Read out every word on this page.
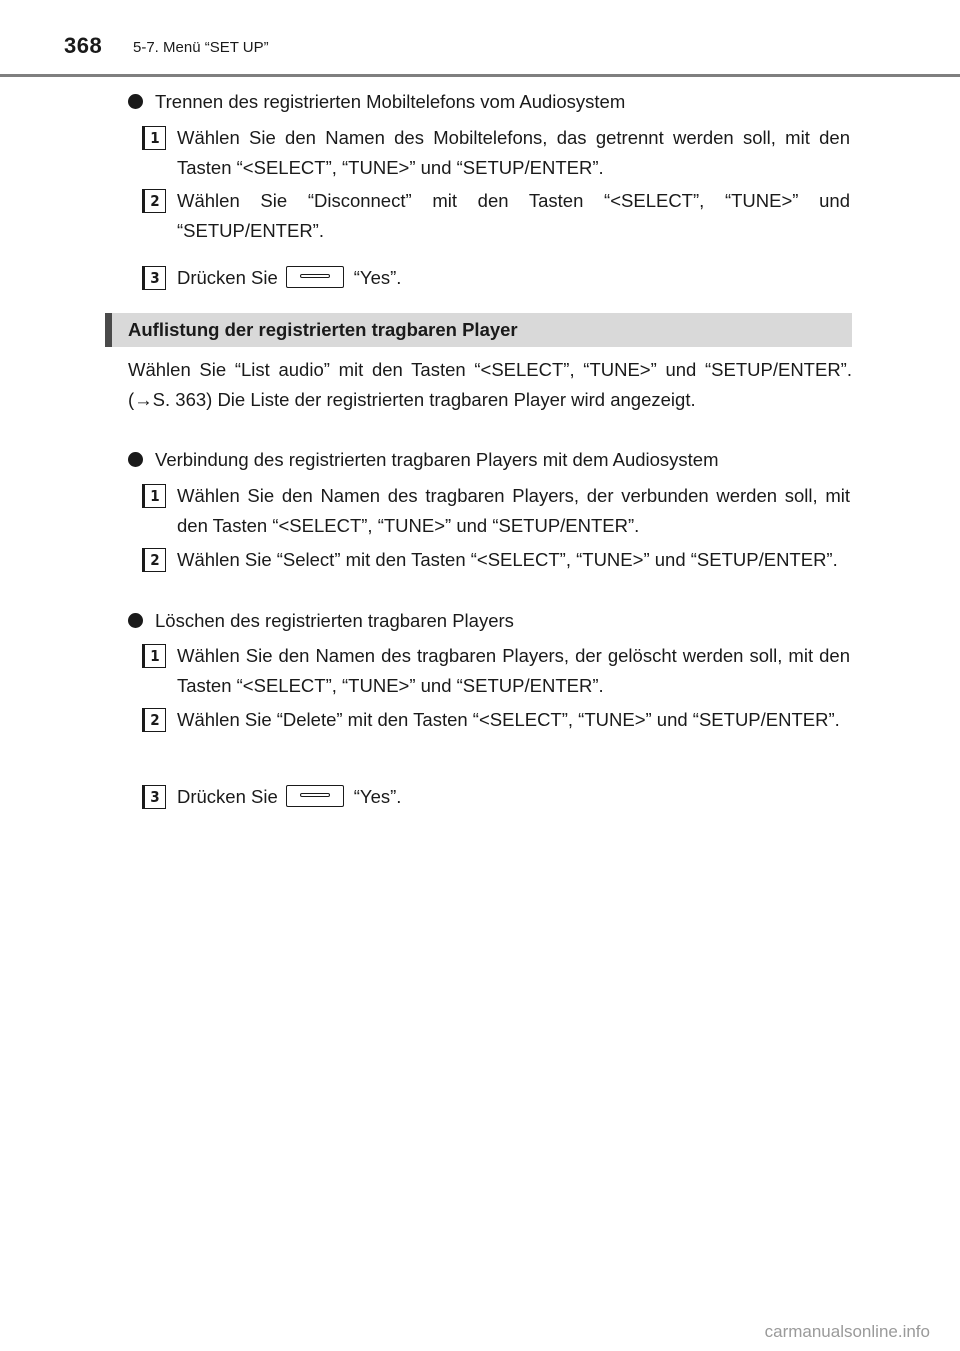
368 5-7. Menü “SET UP”
Trennen des registrierten Mobiltelefons vom Audiosystem
1 Wählen Sie den Namen des Mobiltelefons, das getrennt werden soll, mit den Tasten “<SELECT”, “TUNE>” und “SETUP/ENTER”.
2 Wählen Sie “Disconnect” mit den Tasten “<SELECT”, “TUNE>” und “SETUP/ENTER”.
3 Drücken Sie	“Yes”.
Auflistung der registrierten tragbaren Player
Wählen Sie “List audio” mit den Tasten “<SELECT”, “TUNE>” und “SETUP/ENTER”. (→S. 363) Die Liste der registrierten tragbaren Player wird angezeigt.
Verbindung des registrierten tragbaren Players mit dem Audiosystem
1 Wählen Sie den Namen des tragbaren Players, der verbunden werden soll, mit den Tasten “<SELECT”, “TUNE>” und “SETUP/ENTER”.
2 Wählen Sie “Select” mit den Tasten “<SELECT”, “TUNE>” und “SETUP/ENTER”.
Löschen des registrierten tragbaren Players
1 Wählen Sie den Namen des tragbaren Players, der gelöscht werden soll, mit den Tasten “<SELECT”, “TUNE>” und “SETUP/ENTER”.
2 Wählen Sie “Delete” mit den Tasten “<SELECT”, “TUNE>” und “SETUP/ENTER”.
3 Drücken Sie	“Yes”.
carmanualsonline.info
